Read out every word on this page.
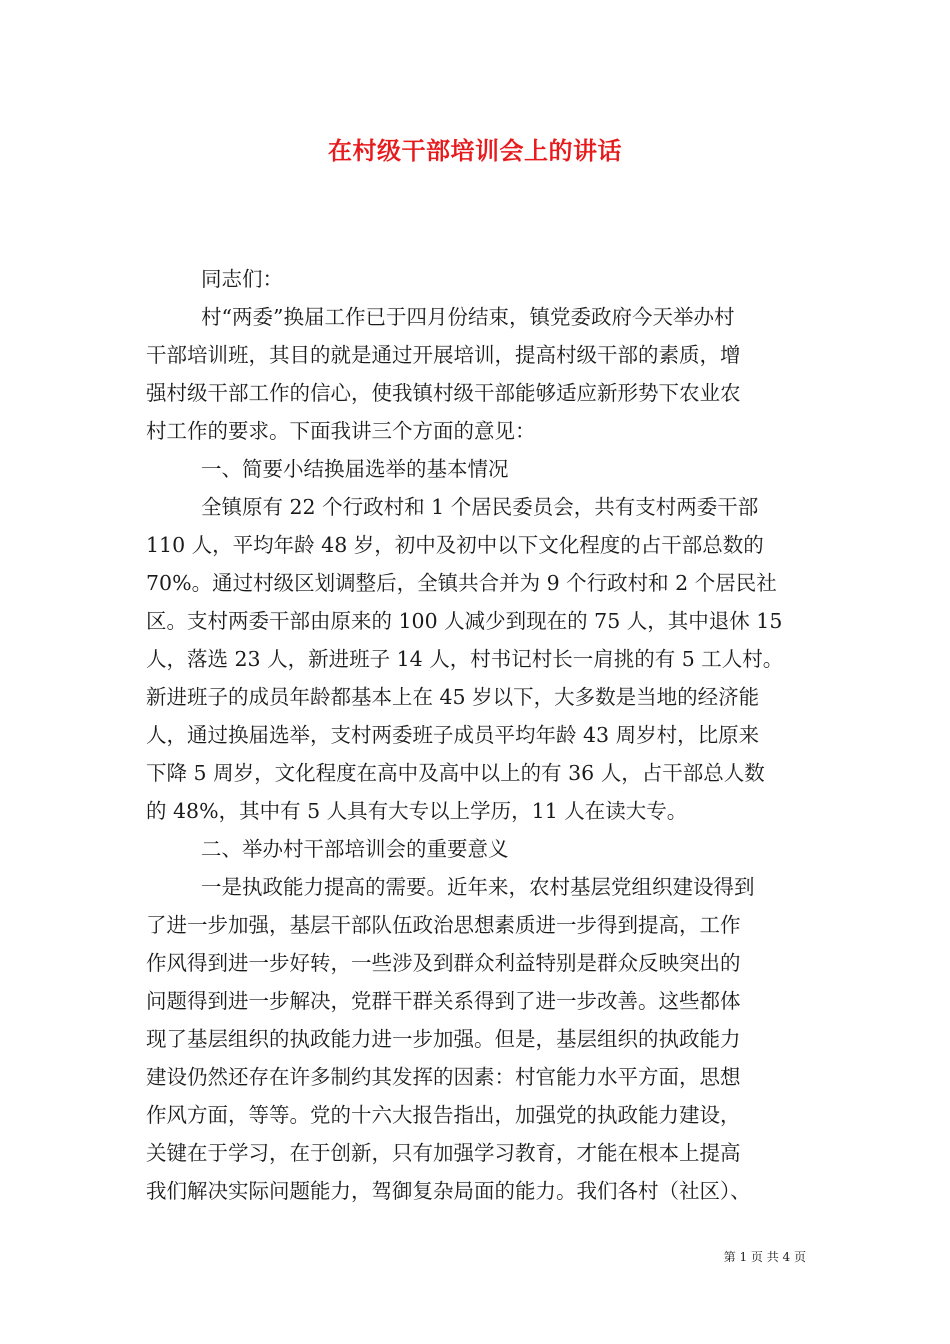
在村级干部培训会上的讲话
同志们：
村“两委”换届工作已于四月份结束，镇党委政府今天举办村
干部培训班，其目的就是通过开展培训，提高村级干部的素质，增
强村级干部工作的信心，使我镇村级干部能够适应新形势下农业农
村工作的要求。下面我讲三个方面的意见：
一、简要小结换届选举的基本情况
全镇原有 22 个行政村和 1 个居民委员会，共有支村两委干部
110 人，平均年龄 48 岁，初中及初中以下文化程度的占干部总数的
70%。通过村级区划调整后，全镇共合并为 9 个行政村和 2 个居民社
区。支村两委干部由原来的 100 人减少到现在的 75 人，其中退休 15
人，落选 23 人，新进班子 14 人，村书记村长一肩挑的有 5 工人村。
新进班子的成员年龄都基本上在 45 岁以下，大多数是当地的经济能
人，通过换届选举，支村两委班子成员平均年龄 43 周岁村，比原来
下降 5 周岁，文化程度在高中及高中以上的有 36 人，占干部总人数
的 48%，其中有 5 人具有大专以上学历，11 人在读大专。
二、举办村干部培训会的重要意义
一是执政能力提高的需要。近年来，农村基层党组织建设得到
了进一步加强，基层干部队伍政治思想素质进一步得到提高，工作
作风得到进一步好转，一些涉及到群众利益特别是群众反映突出的
问题得到进一步解决，党群干群关系得到了进一步改善。这些都体
现了基层组织的执政能力进一步加强。但是，基层组织的执政能力
建设仍然还存在许多制约其发挥的因素：村官能力水平方面，思想
作风方面，等等。党的十六大报告指出，加强党的执政能力建设，
关键在于学习，在于创新，只有加强学习教育，才能在根本上提高
我们解决实际问题能力，驾御复杂局面的能力。我们各村（社区）、
第 1 页 共 4 页
